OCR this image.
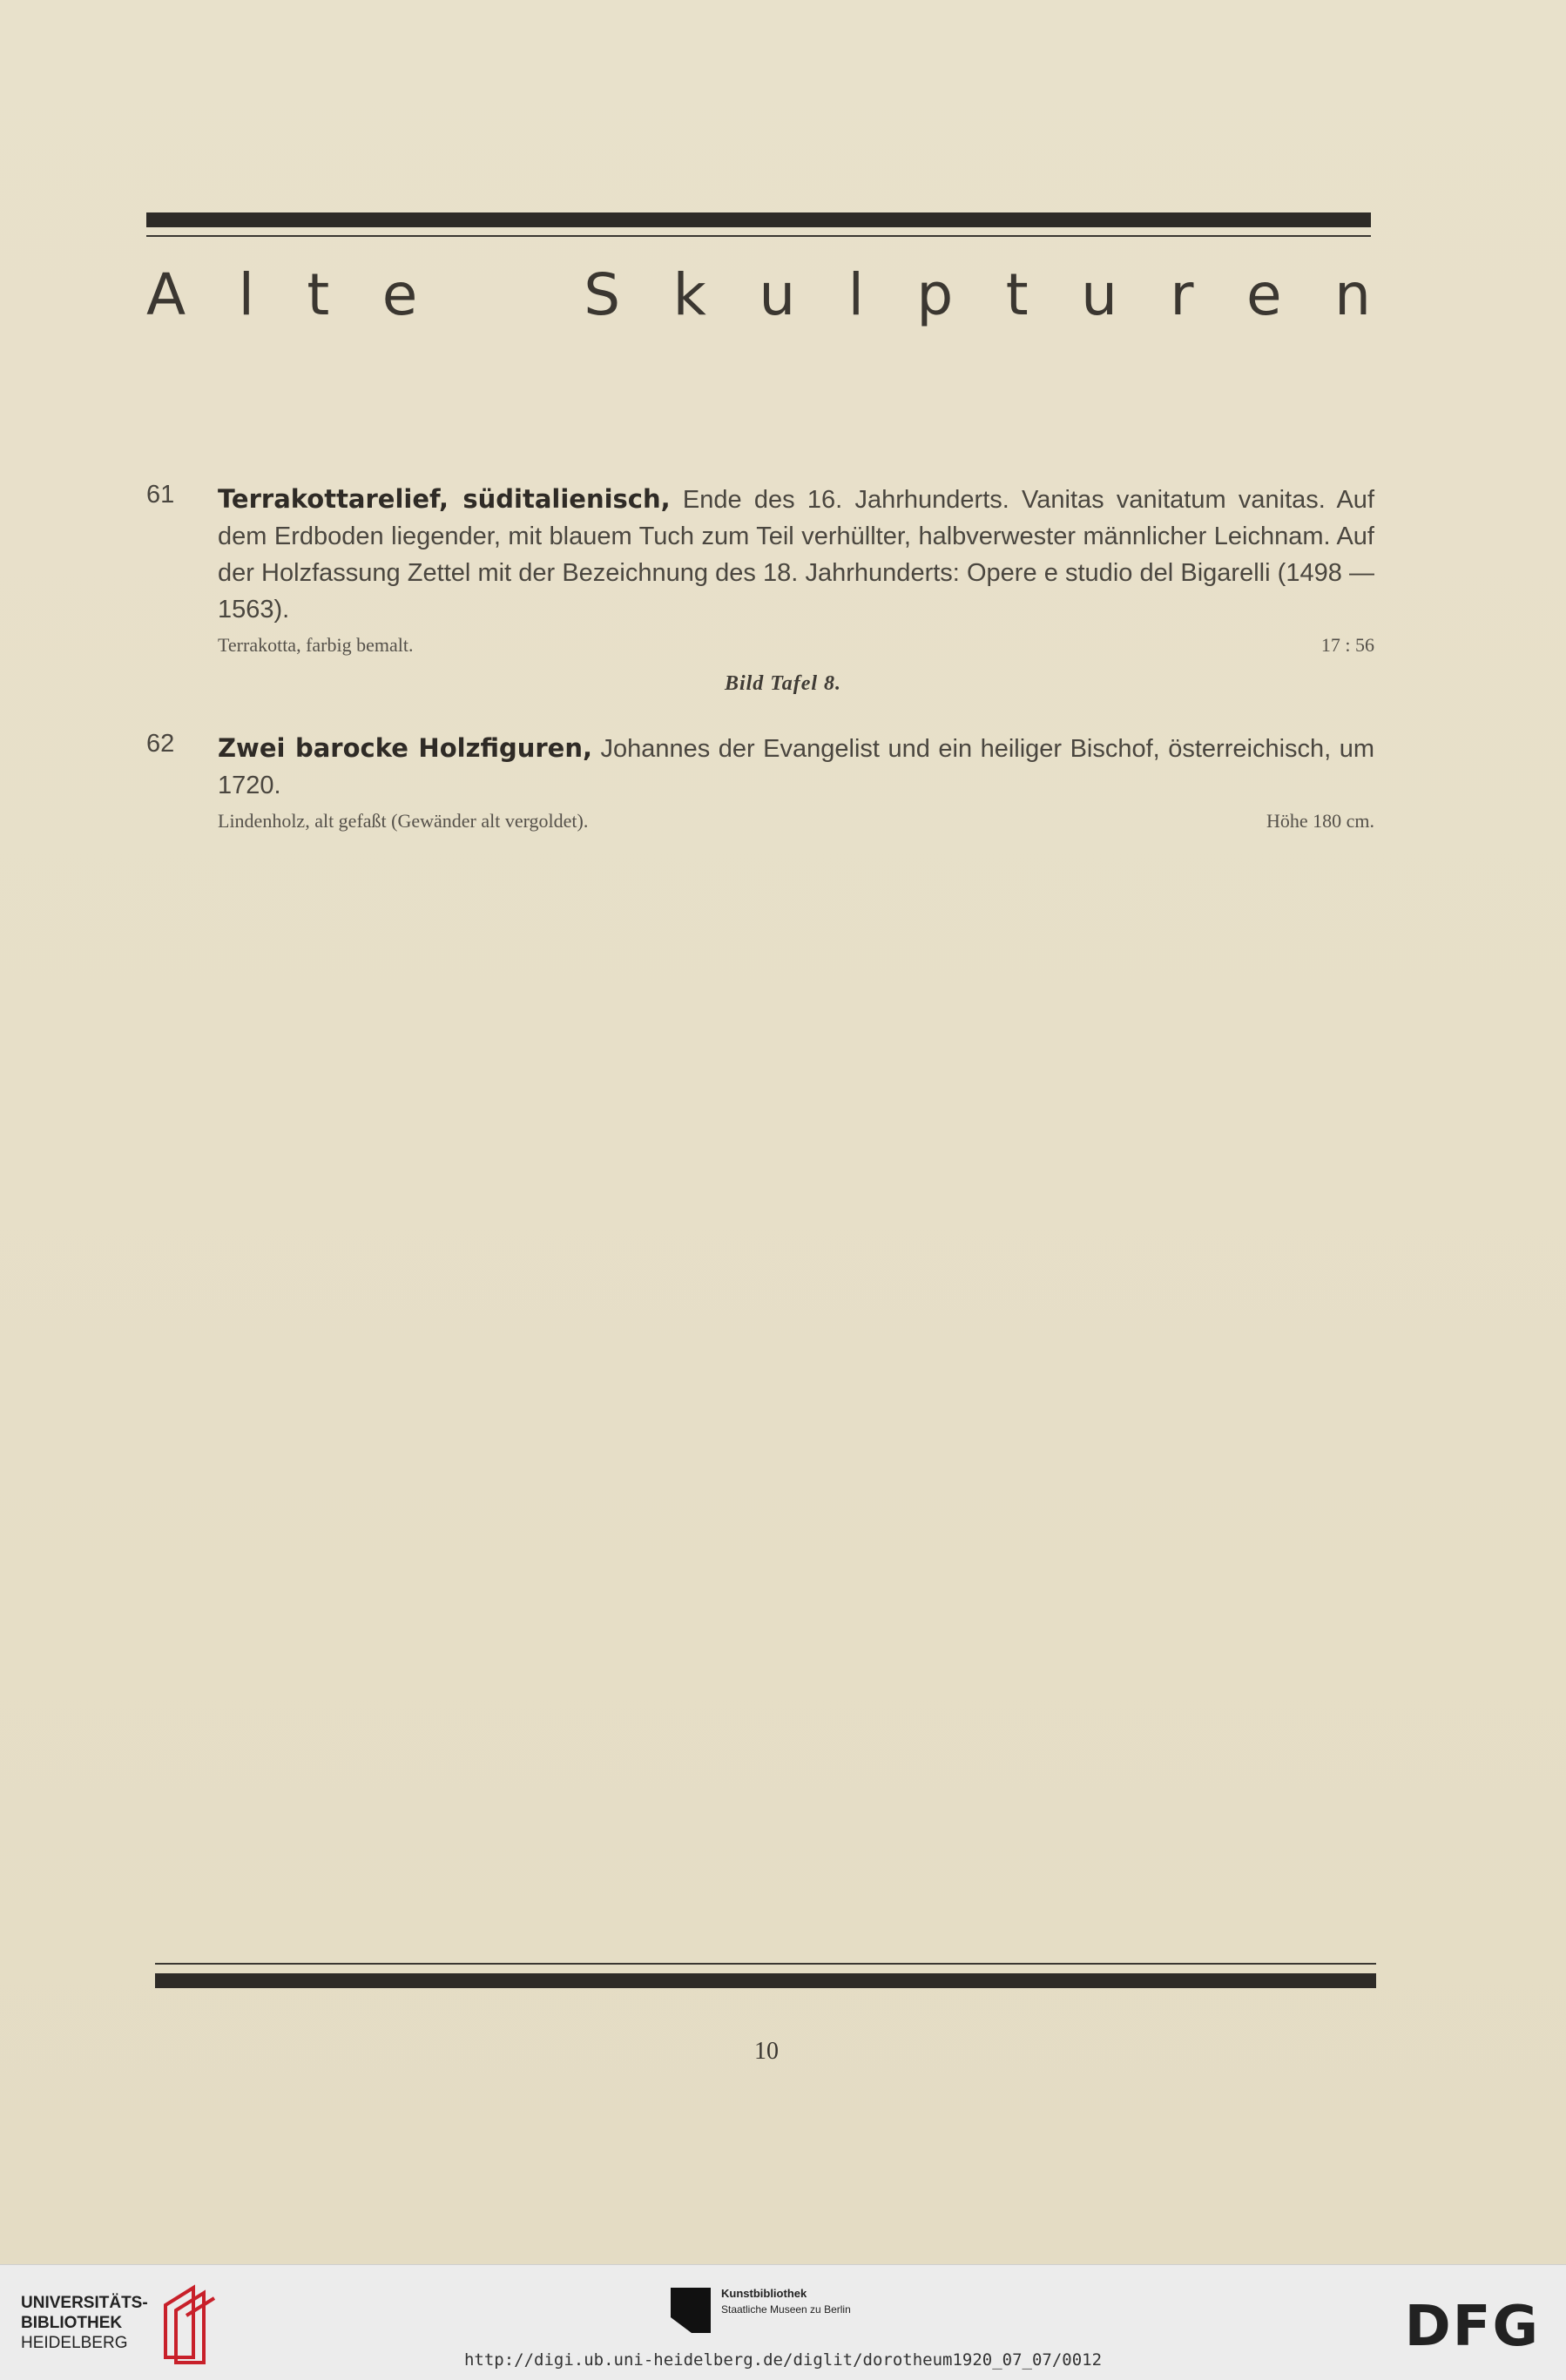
A l t e	S k u l p t u r e n
61 Terrakottarelief, süditalienisch, Ende des 16. Jahrhunderts. Vanitas vanitatum vanitas. Auf dem Erdboden liegender, mit blauem Tuch zum Teil verhüllter, halbverwester männlicher Leichnam. Auf der Holzfassung Zettel mit der Bezeichnung des 18. Jahrhunderts: Opere e studio del Bigarelli (1498 — 1563).
Terrakotta, farbig bemalt.	17 : 56
Bild Tafel 8.
62 Zwei barocke Holzfiguren, Johannes der Evangelist und ein heiliger Bischof, österreichisch, um 1720.
Lindenholz, alt gefaßt (Gewänder alt vergoldet).	Höhe 180 cm.
10
UNIVERSITÄTS-
BIBLIOTHEK
HEIDELBERG
Kunstbibliothek
Staatliche Museen zu Berlin	DFG
http://digi.ub.uni-heidelberg.de/diglit/dorotheum1920_07_07/0012
